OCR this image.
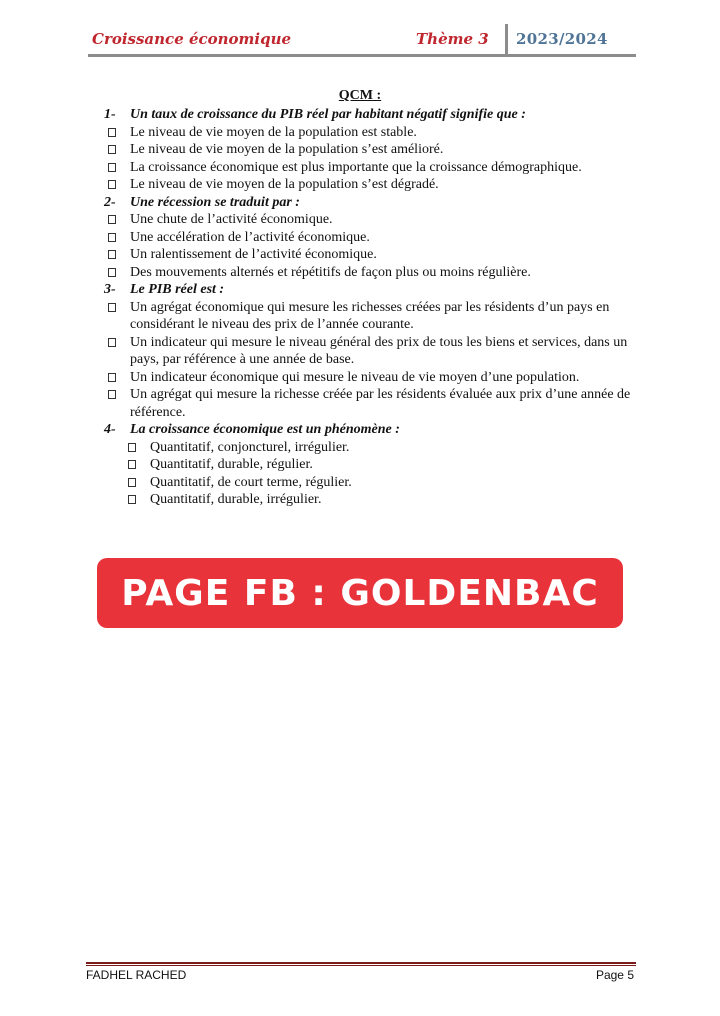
Croissance économique	Thème 3 2023/2024
QCM :
1-	Un taux de croissance du PIB réel par habitant négatif signifie que :
Le niveau de vie moyen de la population est stable.
Le niveau de vie moyen de la population s’est amélioré.
La croissance économique est plus importante que la croissance démographique.
Le niveau de vie moyen de la population s’est dégradé.
2-	Une récession se traduit par :
Une chute de l’activité économique.
Une accélération de l’activité économique.
Un ralentissement de l’activité économique.
Des mouvements alternés et répétitifs de façon plus ou moins régulière.
3-	Le PIB réel est :
Un agrégat économique qui mesure les richesses créées par les résidents d’un pays en considérant le niveau des prix de l’année courante.
Un indicateur qui mesure le niveau général des prix de tous les biens et services, dans un pays, par référence à une année de base.
Un indicateur économique qui mesure le niveau de vie moyen d’une population.
Un agrégat qui mesure la richesse créée par les résidents évaluée aux prix d’une année de référence.
4-	La croissance économique est un phénomène :
Quantitatif, conjoncturel, irrégulier.
Quantitatif, durable, régulier.
Quantitatif, de court terme, régulier.
Quantitatif, durable, irrégulier.
PAGE FB : GOLDENBAC
FADHEL RACHED	Page 5
